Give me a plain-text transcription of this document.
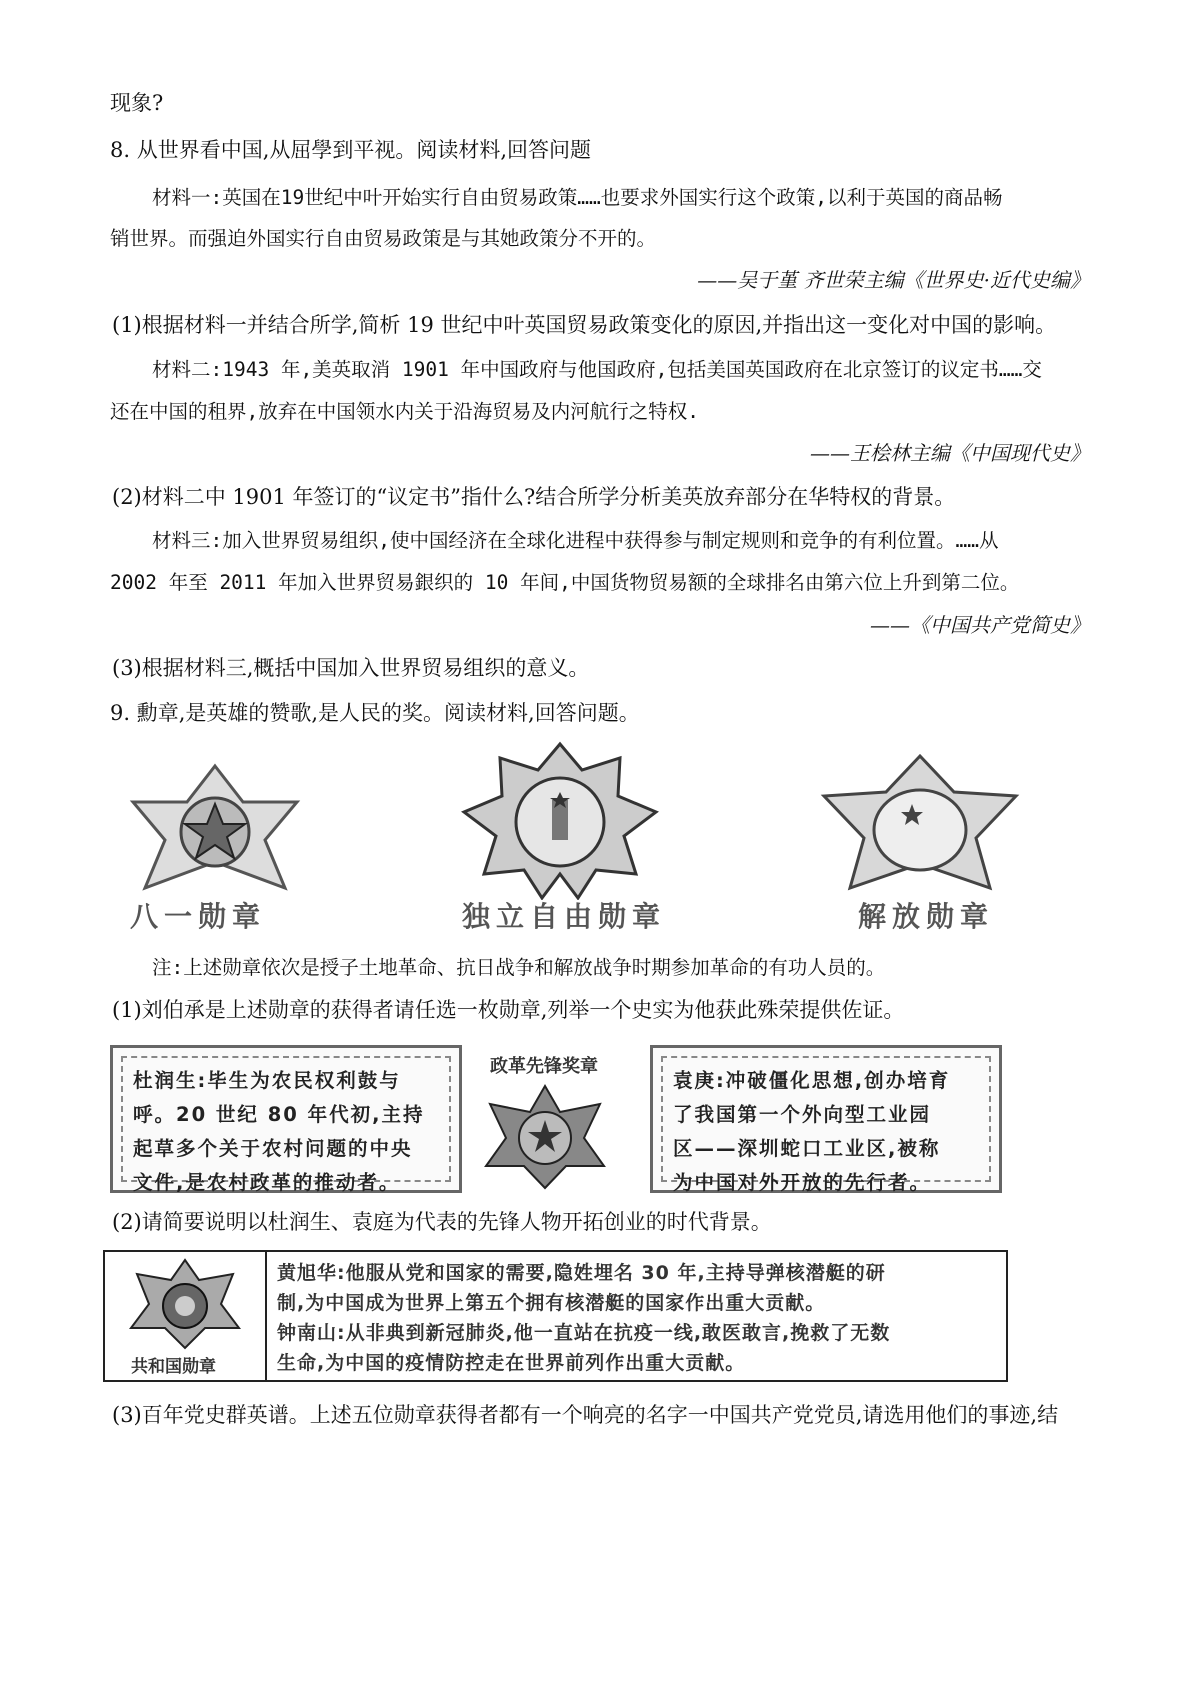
现象?
8. 从世界看中国,从屈學到平视。阅读材料,回答问题
材料一:英国在19世纪中叶开始实行自由贸易政策……也要求外国实行这个政策,以利于英国的商品畅
销世界。而强迫外国实行自由贸易政策是与其她政策分不开的。
——吴于堇 齐世荣主编《世界史·近代史编》
(1)根据材料一并结合所学,简析 19 世纪中叶英国贸易政策变化的原因,并指出这一变化对中国的影响。
材料二:1943 年,美英取消 1901 年中国政府与他国政府,包括美国英国政府在北京签订的议定书……交
还在中国的租界,放弃在中国领水内关于沿海贸易及内河航行之特权.
——王桧林主编《中国现代史》
(2)材料二中 1901 年签订的“议定书”指什么?结合所学分析美英放弃部分在华特权的背景。
材料三:加入世界贸易组织,使中国经济在全球化进程中获得参与制定规则和竞争的有利位置。……从
2002 年至 2011 年加入世界贸易銀织的 10 年间,中国货物贸易额的全球排名由第六位上升到第二位。
——《中国共产党简史》
(3)根据材料三,概括中国加入世界贸易组织的意义。
9. 勳章,是英雄的赞歌,是人民的奖。阅读材料,回答问题。
八一勋章	独立自由勋章	解放勋章
注:上述勋章依次是授子土地革命、抗日战争和解放战争时期参加革命的有功人员的。
(1)刘伯承是上述勋章的获得者请任选一枚勋章,列举一个史实为他获此殊荣提供佐证。
杜润生:毕生为农民权利鼓与
呼。20 世纪 80 年代初,主持
起草多个关于农村问题的中央
文件,是农村政革的推动者。
政革先锋奖章
袁庚:冲破僵化思想,创办培育
了我国第一个外向型工业园
区——深圳蛇口工业区,被称
为中国对外开放的先行者。
(2)请简要说明以杜润生、袁庭为代表的先锋人物开拓创业的时代背景。
共和国勋章
黄旭华:他服从党和国家的需要,隐姓埋名 30 年,主持导弹核潜艇的研
制,为中国成为世界上第五个拥有核潜艇的国家作出重大贡献。
钟南山:从非典到新冠肺炎,他一直站在抗疫一线,敢医敢言,挽救了无数
生命,为中国的疫情防控走在世界前列作出重大贡献。
(3)百年党史群英谱。上述五位勋章获得者都有一个响亮的名字一中国共产党党员,请选用他们的事迹,结
